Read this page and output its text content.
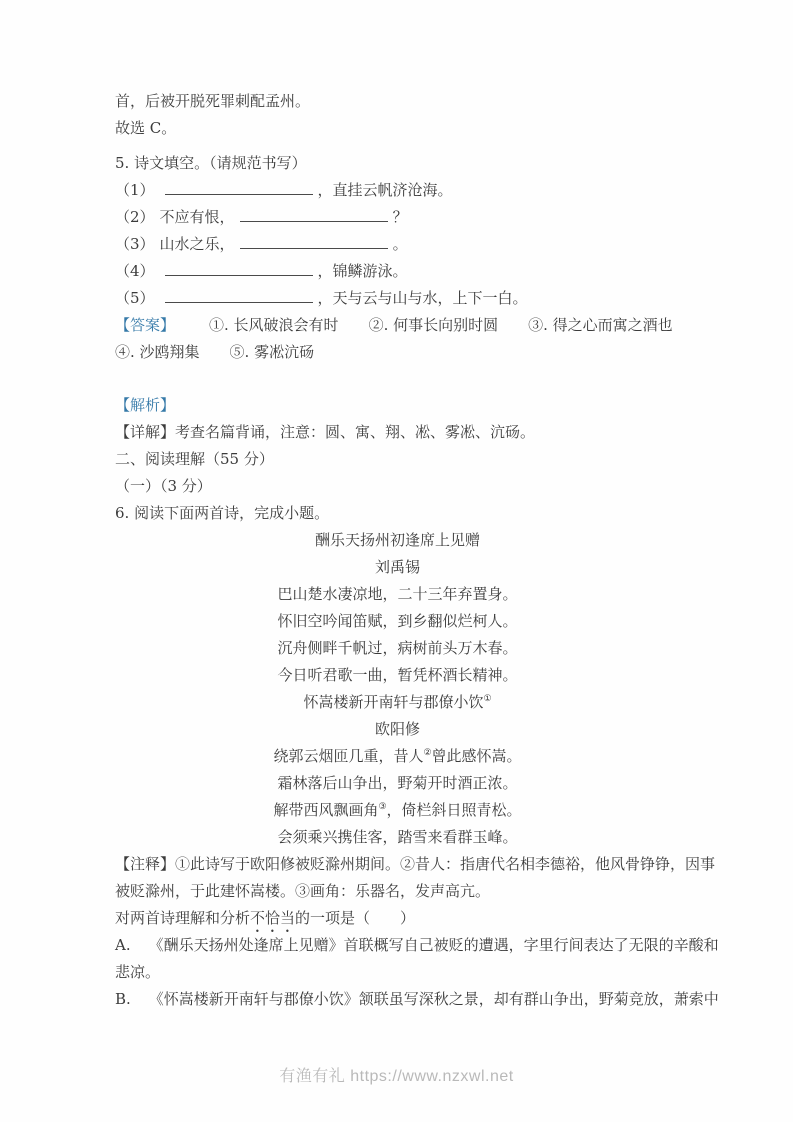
首，后被开脱死罪刺配孟州。

故选 C。

5. 诗文填空。（请规范书写）

（1）	，直挂云帆济沧海。

（2） 不应有恨，	？

（3） 山水之乐，	。

（4）	，锦鳞游泳。

（5）	，天与云与山与水，上下一白。

【答案】 ①. 长风破浪会有时 ②. 何事长向别时圆 ③. 得之心而寓之酒也

④. 沙鸥翔集 ⑤. 雾凇沆砀

【解析】

【详解】考查名篇背诵，注意：圆、寓、翔、凇、雾凇、沆砀。

二、阅读理解（55 分）

（一）（3 分）

6. 阅读下面两首诗，完成小题。

酬乐天扬州初逢席上见赠

刘禹锡

巴山楚水凄凉地，二十三年弃置身。

怀旧空吟闻笛赋，到乡翻似烂柯人。

沉舟侧畔千帆过，病树前头万木春。

今日听君歌一曲，暂凭杯酒长精神。

怀嵩楼新开南轩与郡僚小饮①

欧阳修

绕郭云烟匝几重，昔人②曾此感怀嵩。

霜林落后山争出，野菊开时酒正浓。

解带西风飘画角③，倚栏斜日照青松。

会须乘兴携佳客，踏雪来看群玉峰。

【注释】①此诗写于欧阳修被贬滁州期间。②昔人：指唐代名相李德裕，他风骨铮铮，因事

被贬滁州，于此建怀嵩楼。③画角：乐器名，发声高亢。

对两首诗理解和分析不恰当的一项是（　　）

A. 《酬乐天扬州处逢席上见赠》首联概写自己被贬的遭遇，字里行间表达了无限的辛酸和

悲凉。

B. 《怀嵩楼新开南轩与郡僚小饮》颔联虽写深秋之景，却有群山争出，野菊竞放，萧索中

有渔有礼 https://www.nzxwl.net
